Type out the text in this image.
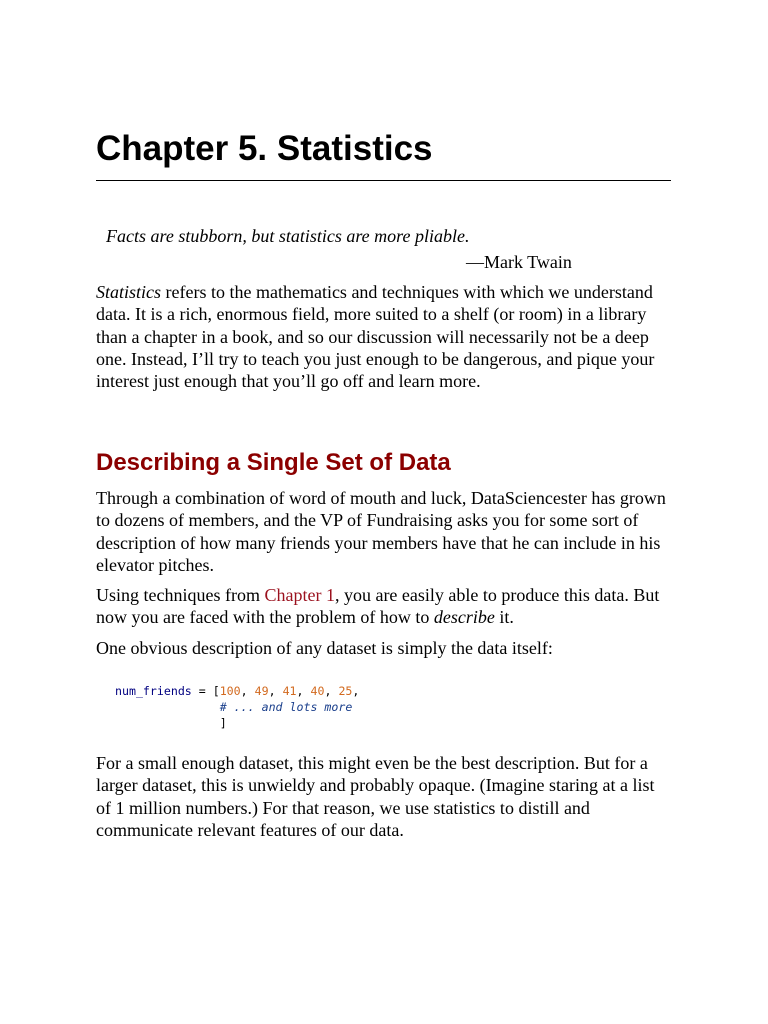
Chapter 5. Statistics

Facts are stubborn, but statistics are more pliable.

—Mark Twain

Statistics refers to the mathematics and techniques with which we understand data. It is a rich, enormous field, more suited to a shelf (or room) in a library than a chapter in a book, and so our discussion will necessarily not be a deep one. Instead, I’ll try to teach you just enough to be dangerous, and pique your interest just enough that you’ll go off and learn more.

Describing a Single Set of Data

Through a combination of word of mouth and luck, DataSciencester has grown to dozens of members, and the VP of Fundraising asks you for some sort of description of how many friends your members have that he can include in his elevator pitches.

Using techniques from Chapter 1, you are easily able to produce this data. But now you are faced with the problem of how to describe it.

One obvious description of any dataset is simply the data itself:

num_friends = [100, 49, 41, 40, 25,
# ... and lots more
]

For a small enough dataset, this might even be the best description. But for a larger dataset, this is unwieldy and probably opaque. (Imagine staring at a list of 1 million numbers.) For that reason, we use statistics to distill and communicate relevant features of our data.
